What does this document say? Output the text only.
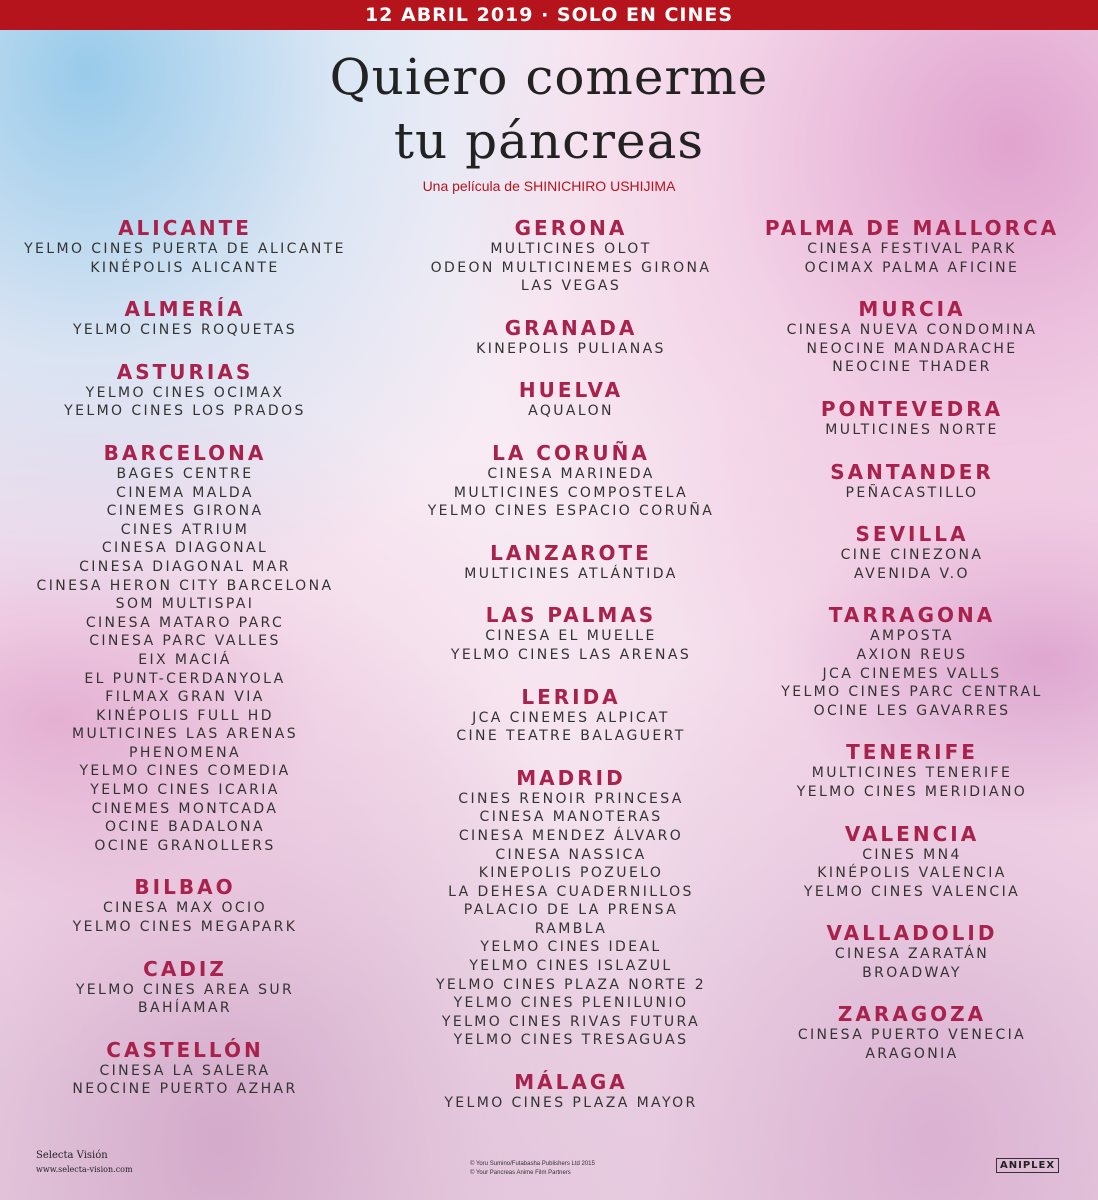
12 ABRIL 2019 · SOLO EN CINES
Quiero comerme
tu páncreas
Una película de SHINICHIRO USHIJIMA
ALICANTE
YELMO CINES PUERTA DE ALICANTE
KINÉPOLIS ALICANTE
ALMERÍA
YELMO CINES ROQUETAS
ASTURIAS
YELMO CINES OCIMAX
YELMO CINES LOS PRADOS
BARCELONA
BAGES CENTRE
CINEMA MALDA
CINEMES GIRONA
CINES ATRIUM
CINESA DIAGONAL
CINESA DIAGONAL MAR
CINESA HERON CITY BARCELONA
SOM MULTISPAI
CINESA MATARO PARC
CINESA PARC VALLES
EIX MACIÁ
EL PUNT-CERDANYOLA
FILMAX GRAN VIA
KINÉPOLIS FULL HD
MULTICINES LAS ARENAS
PHENOMENA
YELMO CINES COMEDIA
YELMO CINES ICARIA
CINEMES MONTCADA
OCINE BADALONA
OCINE GRANOLLERS
BILBAO
CINESA MAX OCIO
YELMO CINES MEGAPARK
CADIZ
YELMO CINES AREA SUR
BAHÍAMAR
CASTELLÓN
CINESA LA SALERA
NEOCINE PUERTO AZHAR
GERONA
MULTICINES OLOT
ODEON MULTICINEMES GIRONA
LAS VEGAS
GRANADA
KINEPOLIS PULIANAS
HUELVA
AQUALON
LA CORUÑA
CINESA MARINEDA
MULTICINES COMPOSTELA
YELMO CINES ESPACIO CORUÑA
LANZAROTE
MULTICINES ATLÁNTIDA
LAS PALMAS
CINESA EL MUELLE
YELMO CINES LAS ARENAS
LERIDA
JCA CINEMES ALPICAT
CINE TEATRE BALAGUERT
MADRID
CINES RENOIR PRINCESA
CINESA MANOTERAS
CINESA MENDEZ ÁLVARO
CINESA NASSICA
KINEPOLIS POZUELO
LA DEHESA CUADERNILLOS
PALACIO DE LA PRENSA
RAMBLA
YELMO CINES IDEAL
YELMO CINES ISLAZUL
YELMO CINES PLAZA NORTE 2
YELMO CINES PLENILUNIO
YELMO CINES RIVAS FUTURA
YELMO CINES TRESAGUAS
MÁLAGA
YELMO CINES PLAZA MAYOR
PALMA DE MALLORCA
CINESA FESTIVAL PARK
OCIMAX PALMA AFICINE
MURCIA
CINESA NUEVA CONDOMINA
NEOCINE MANDARACHE
NEOCINE THADER
PONTEVEDRA
MULTICINES NORTE
SANTANDER
PEÑACASTILLO
SEVILLA
CINE CINEZONA
AVENIDA V.O
TARRAGONA
AMPOSTA
AXION REUS
JCA CINEMES VALLS
YELMO CINES PARC CENTRAL
OCINE LES GAVARRES
TENERIFE
MULTICINES TENERIFE
YELMO CINES MERIDIANO
VALENCIA
CINES MN4
KINÉPOLIS VALENCIA
YELMO CINES VALENCIA
VALLADOLID
CINESA ZARATÁN
BROADWAY
ZARAGOZA
CINESA PUERTO VENECIA
ARAGONIA
Selecta Visión
www.selecta-vision.com
© Yoru Sumino/Futabasha Publishers Ltd 2015
© Your Pancreas Anime Film Partners
ANIPLEX
